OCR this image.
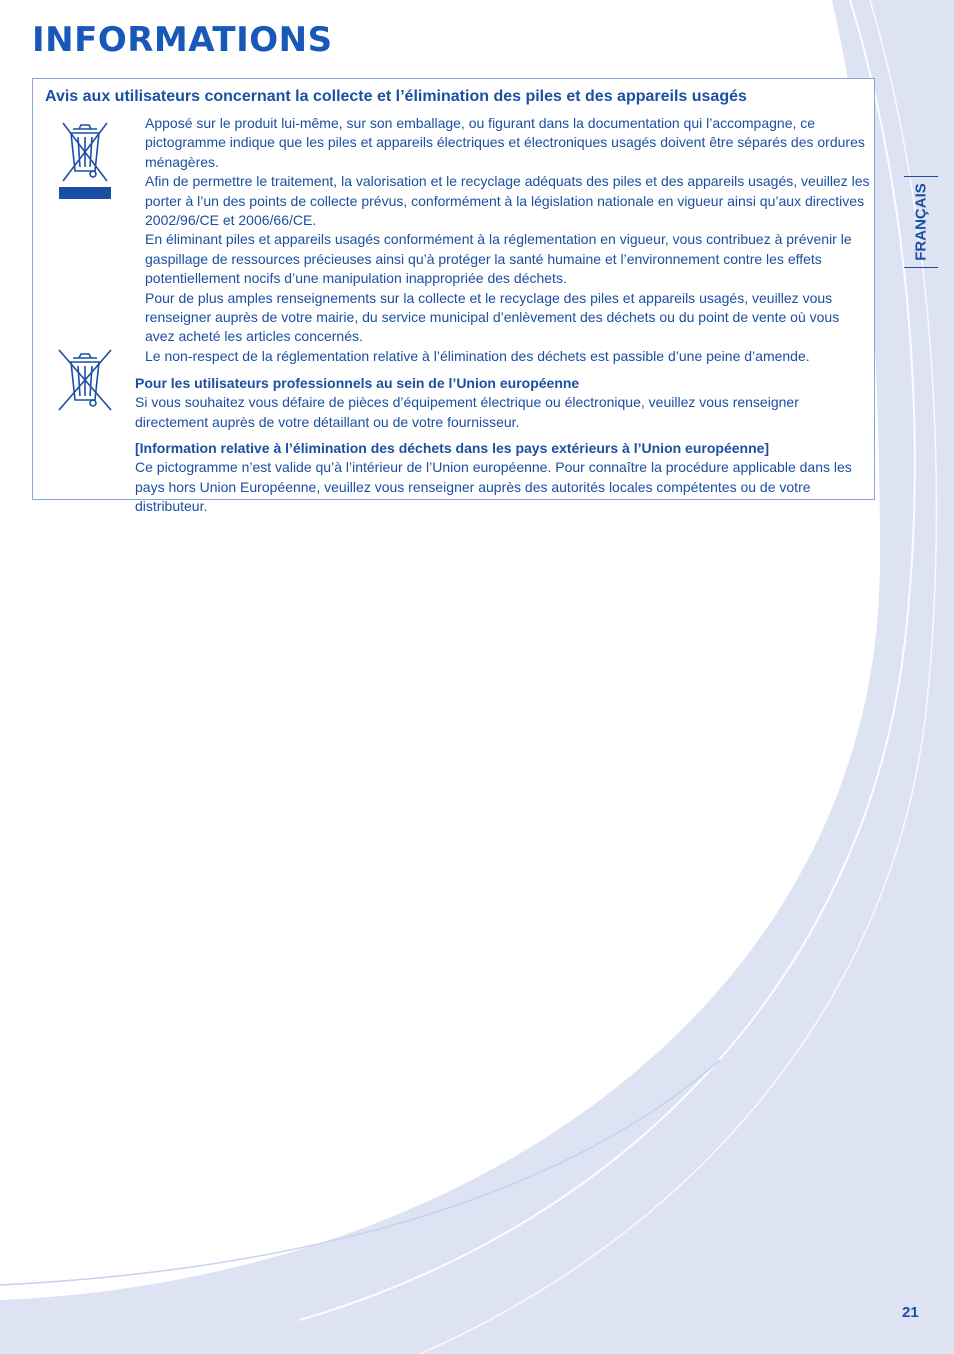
INFORMATIONS
Avis aux utilisateurs concernant la collecte et l’élimination des piles et des appareils usagés

Apposé sur le produit lui-même, sur son emballage, ou figurant dans la documentation qui l’accompagne, ce pictogramme indique que les piles et appareils électriques et électroniques usagés doivent être séparés des ordures ménagères.

Afin de permettre le traitement, la valorisation et le recyclage adéquats des piles et des appareils usagés, veuillez les porter à l’un des points de collecte prévus, conformément à la législation nationale en vigueur ainsi qu’aux directives 2002/96/CE et 2006/66/CE.

En éliminant piles et appareils usagés conformément à la réglementation en vigueur, vous contribuez à prévenir le gaspillage de ressources précieuses ainsi qu’à protéger la santé humaine et l’environnement contre les effets potentiellement nocifs d’une manipulation inappropriée des déchets.

Pour de plus amples renseignements sur la collecte et le recyclage des piles et appareils usagés, veuillez vous renseigner auprès de votre mairie, du service municipal d’enlèvement des déchets ou du point de vente où vous avez acheté les articles concernés.

Le non-respect de la réglementation relative à l’élimination des déchets est passible d’une peine d’amende.

Pour les utilisateurs professionnels au sein de l’Union européenne

Si vous souhaitez vous défaire de pièces d’équipement électrique ou électronique, veuillez vous renseigner directement auprès de votre détaillant ou de votre fournisseur.

[Information relative à l’élimination des déchets dans les pays extérieurs à l’Union européenne]

Ce pictogramme n’est valide qu’à l’intérieur de l’Union européenne. Pour connaître la procédure applicable dans les pays hors Union Européenne, veuillez vous renseigner auprès des autorités locales compétentes ou de votre distributeur.

FRANÇAIS
21
